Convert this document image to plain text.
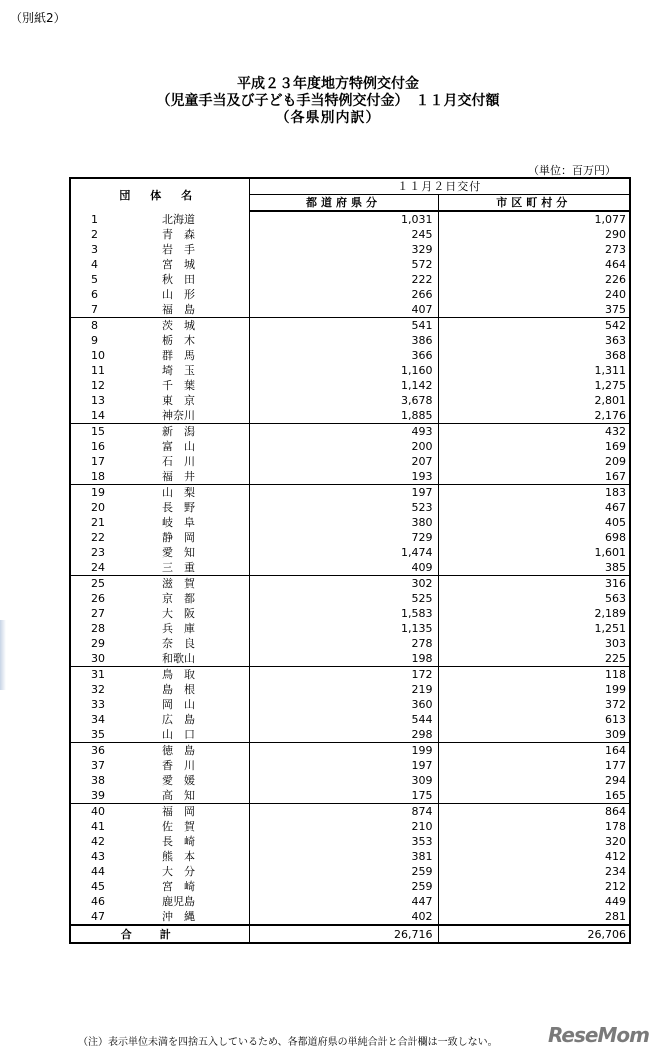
（別紙2）
平成２３年度地方特例交付金
（児童手当及び子ども手当特例交付金）　１１月交付額
（各県別内訳）
（単位：百万円）
団 体 名		１１月２日交付	
		都道府県分	市区町村分
1	北海道	1,031	1,077
2	青　森	245	290
3	岩　手	329	273
4	宮　城	572	464
5	秋　田	222	226
6	山　形	266	240
7	福　島	407	375
8	茨　城	541	542
9	栃　木	386	363
10	群　馬	366	368
11	埼　玉	1,160	1,311
12	千　葉	1,142	1,275
13	東　京	3,678	2,801
14	神奈川	1,885	2,176
15	新　潟	493	432
16	富　山	200	169
17	石　川	207	209
18	福　井	193	167
19	山　梨	197	183
20	長　野	523	467
21	岐　阜	380	405
22	静　岡	729	698
23	愛　知	1,474	1,601
24	三　重	409	385
25	滋　賀	302	316
26	京　都	525	563
27	大　阪	1,583	2,189
28	兵　庫	1,135	1,251
29	奈　良	278	303
30	和歌山	198	225
31	鳥　取	172	118
32	島　根	219	199
33	岡　山	360	372
34	広　島	544	613
35	山　口	298	309
36	徳　島	199	164
37	香　川	197	177
38	愛　媛	309	294
39	高　知	175	165
40	福　岡	874	864
41	佐　賀	210	178
42	長　崎	353	320
43	熊　本	381	412
44	大　分	259	234
45	宮　崎	259	212
46	鹿児島	447	449
47	沖　縄	402	281
合計		26,716	26,706
（注）表示単位未満を四捨五入しているため、各都道府県の単純合計と合計欄は一致しない。	ReseMom
